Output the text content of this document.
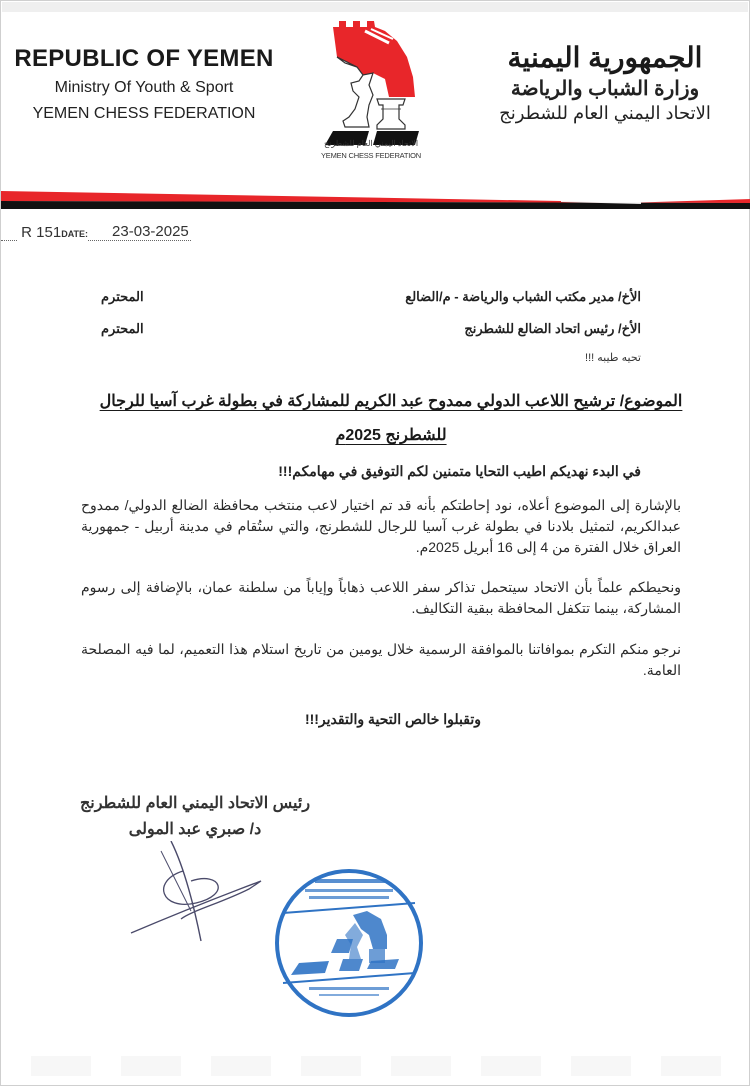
REPUBLIC OF YEMEN
Ministry Of Youth & Sport
YEMEN CHESS FEDERATION
الاتحاد اليمني العام للشطرنج
YEMEN CHESS FEDERATION
الجمهورية اليمنية
وزارة الشباب والرياضة
الاتحاد اليمني العام للشطرنج
R 151DATE: 23-03-2025
الأخ/ مدير مكتب الشباب والرياضة - م/الضالع
المحترم
الأخ/ رئيس اتحاد الضالع للشطرنج
المحترم
تحيه طيبه !!!
الموضوع/ ترشيح اللاعب الدولي ممدوح عبد الكريم للمشاركة في بطولة غرب آسيا للرجال
للشطرنج 2025م
في البدء نهديكم اطيب التحايا متمنين لكم التوفيق في مهامكم!!!

بالإشارة إلى الموضوع أعلاه، نود إحاطتكم بأنه قد تم اختيار لاعب منتخب محافظة الضالع الدولي/ ممدوح عبدالكريم، لتمثيل بلادنا في بطولة غرب آسيا للرجال للشطرنج، والتي ستُقام في مدينة أربيل - جمهورية العراق خلال الفترة من 4 إلى 16 أبريل 2025م.

ونحيطكم علماً بأن الاتحاد سيتحمل تذاكر سفر اللاعب ذهاباً وإياباً من سلطنة عمان، بالإضافة إلى رسوم المشاركة، بينما تتكفل المحافظة ببقية التكاليف.

نرجو منكم التكرم بموافاتنا بالموافقة الرسمية خلال يومين من تاريخ استلام هذا التعميم، لما فيه المصلحة العامة.

وتقبلوا خالص التحية والتقدير!!!
رئيس الاتحاد اليمني العام للشطرنج
د/ صبري عبد المولى
